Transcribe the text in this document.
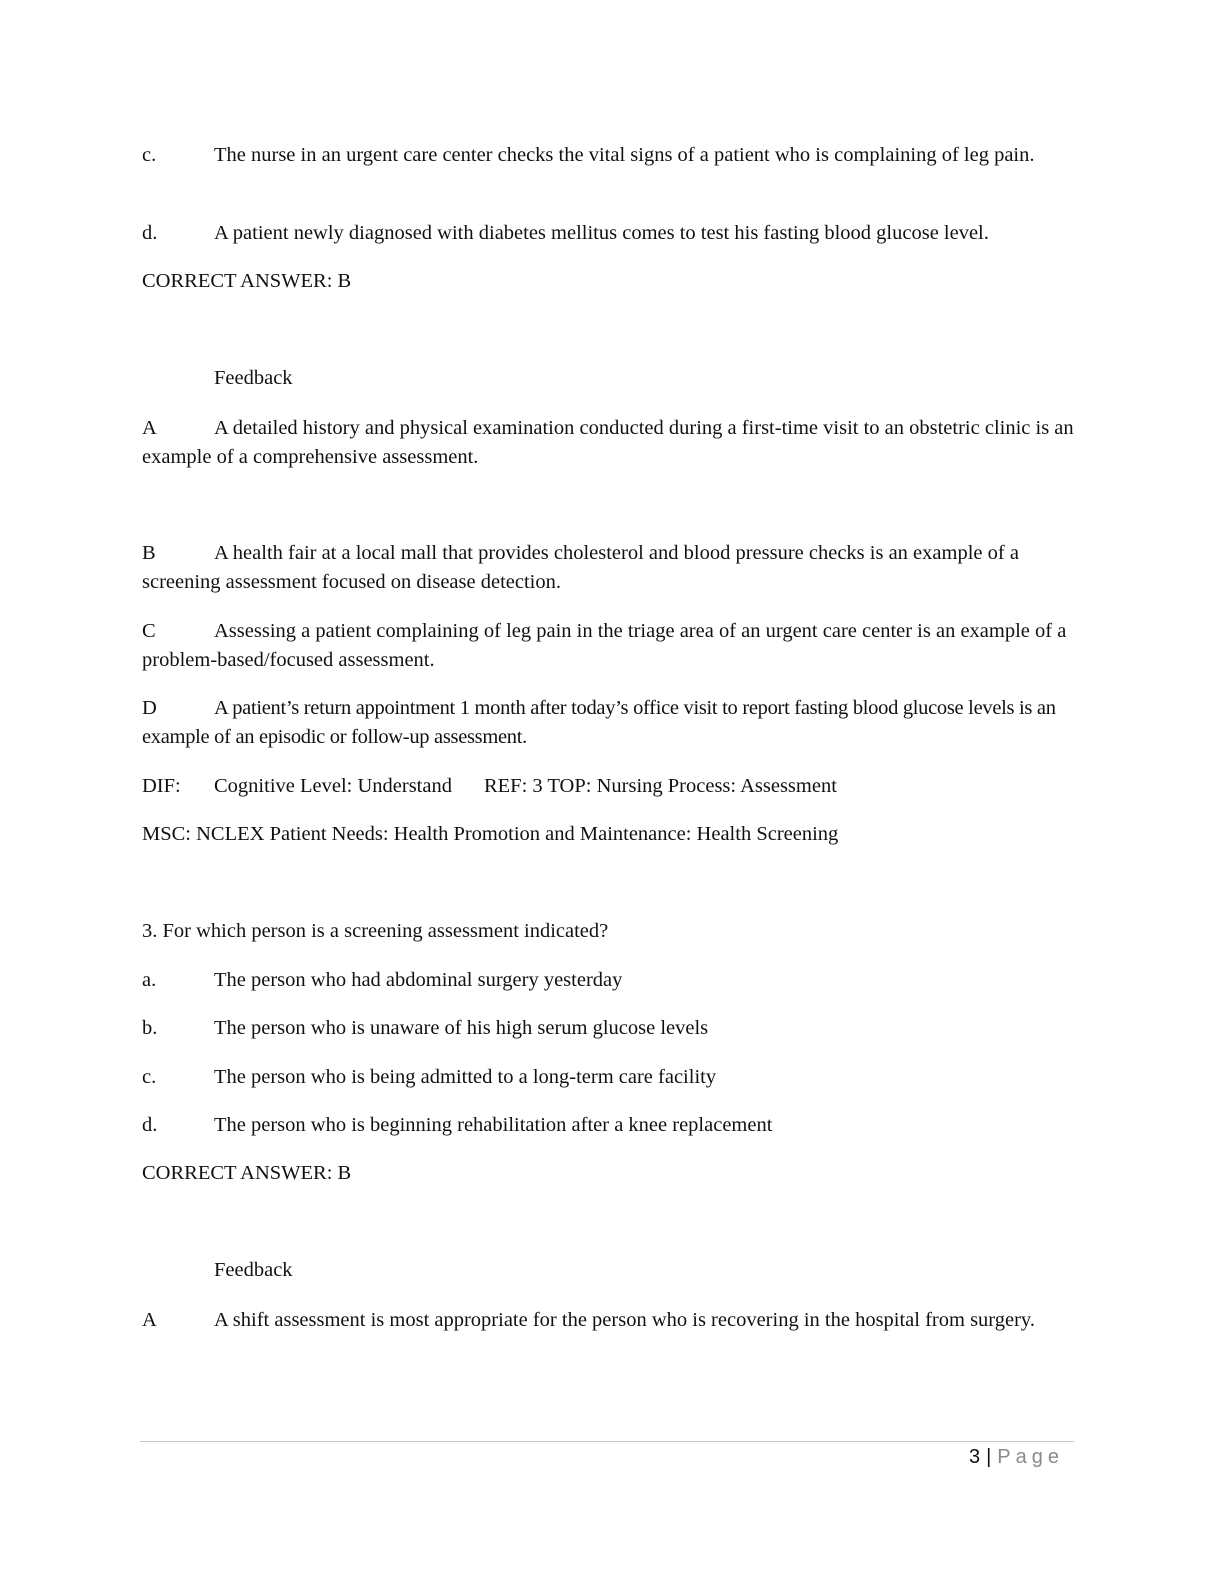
c.	The nurse in an urgent care center checks the vital signs of a patient who is complaining of leg pain.
d.	A patient newly diagnosed with diabetes mellitus comes to test his fasting blood glucose level.
CORRECT ANSWER: B
Feedback
A	A detailed history and physical examination conducted during a first-time visit to an obstetric clinic is an example of a comprehensive assessment.
B	A health fair at a local mall that provides cholesterol and blood pressure checks is an example of a screening assessment focused on disease detection.
C	Assessing a patient complaining of leg pain in the triage area of an urgent care center is an example of a problem-based/focused assessment.
D	A patient’s return appointment 1 month after today’s office visit to report fasting blood glucose levels is an example of an episodic or follow-up assessment.
DIF: Cognitive Level: Understand REF: 3 TOP: Nursing Process: Assessment
MSC: NCLEX Patient Needs: Health Promotion and Maintenance: Health Screening
3. For which person is a screening assessment indicated?
a.	The person who had abdominal surgery yesterday
b.	The person who is unaware of his high serum glucose levels
c.	The person who is being admitted to a long-term care facility
d.	The person who is beginning rehabilitation after a knee replacement
CORRECT ANSWER: B
Feedback
A	A shift assessment is most appropriate for the person who is recovering in the hospital from surgery.
3 | Page
